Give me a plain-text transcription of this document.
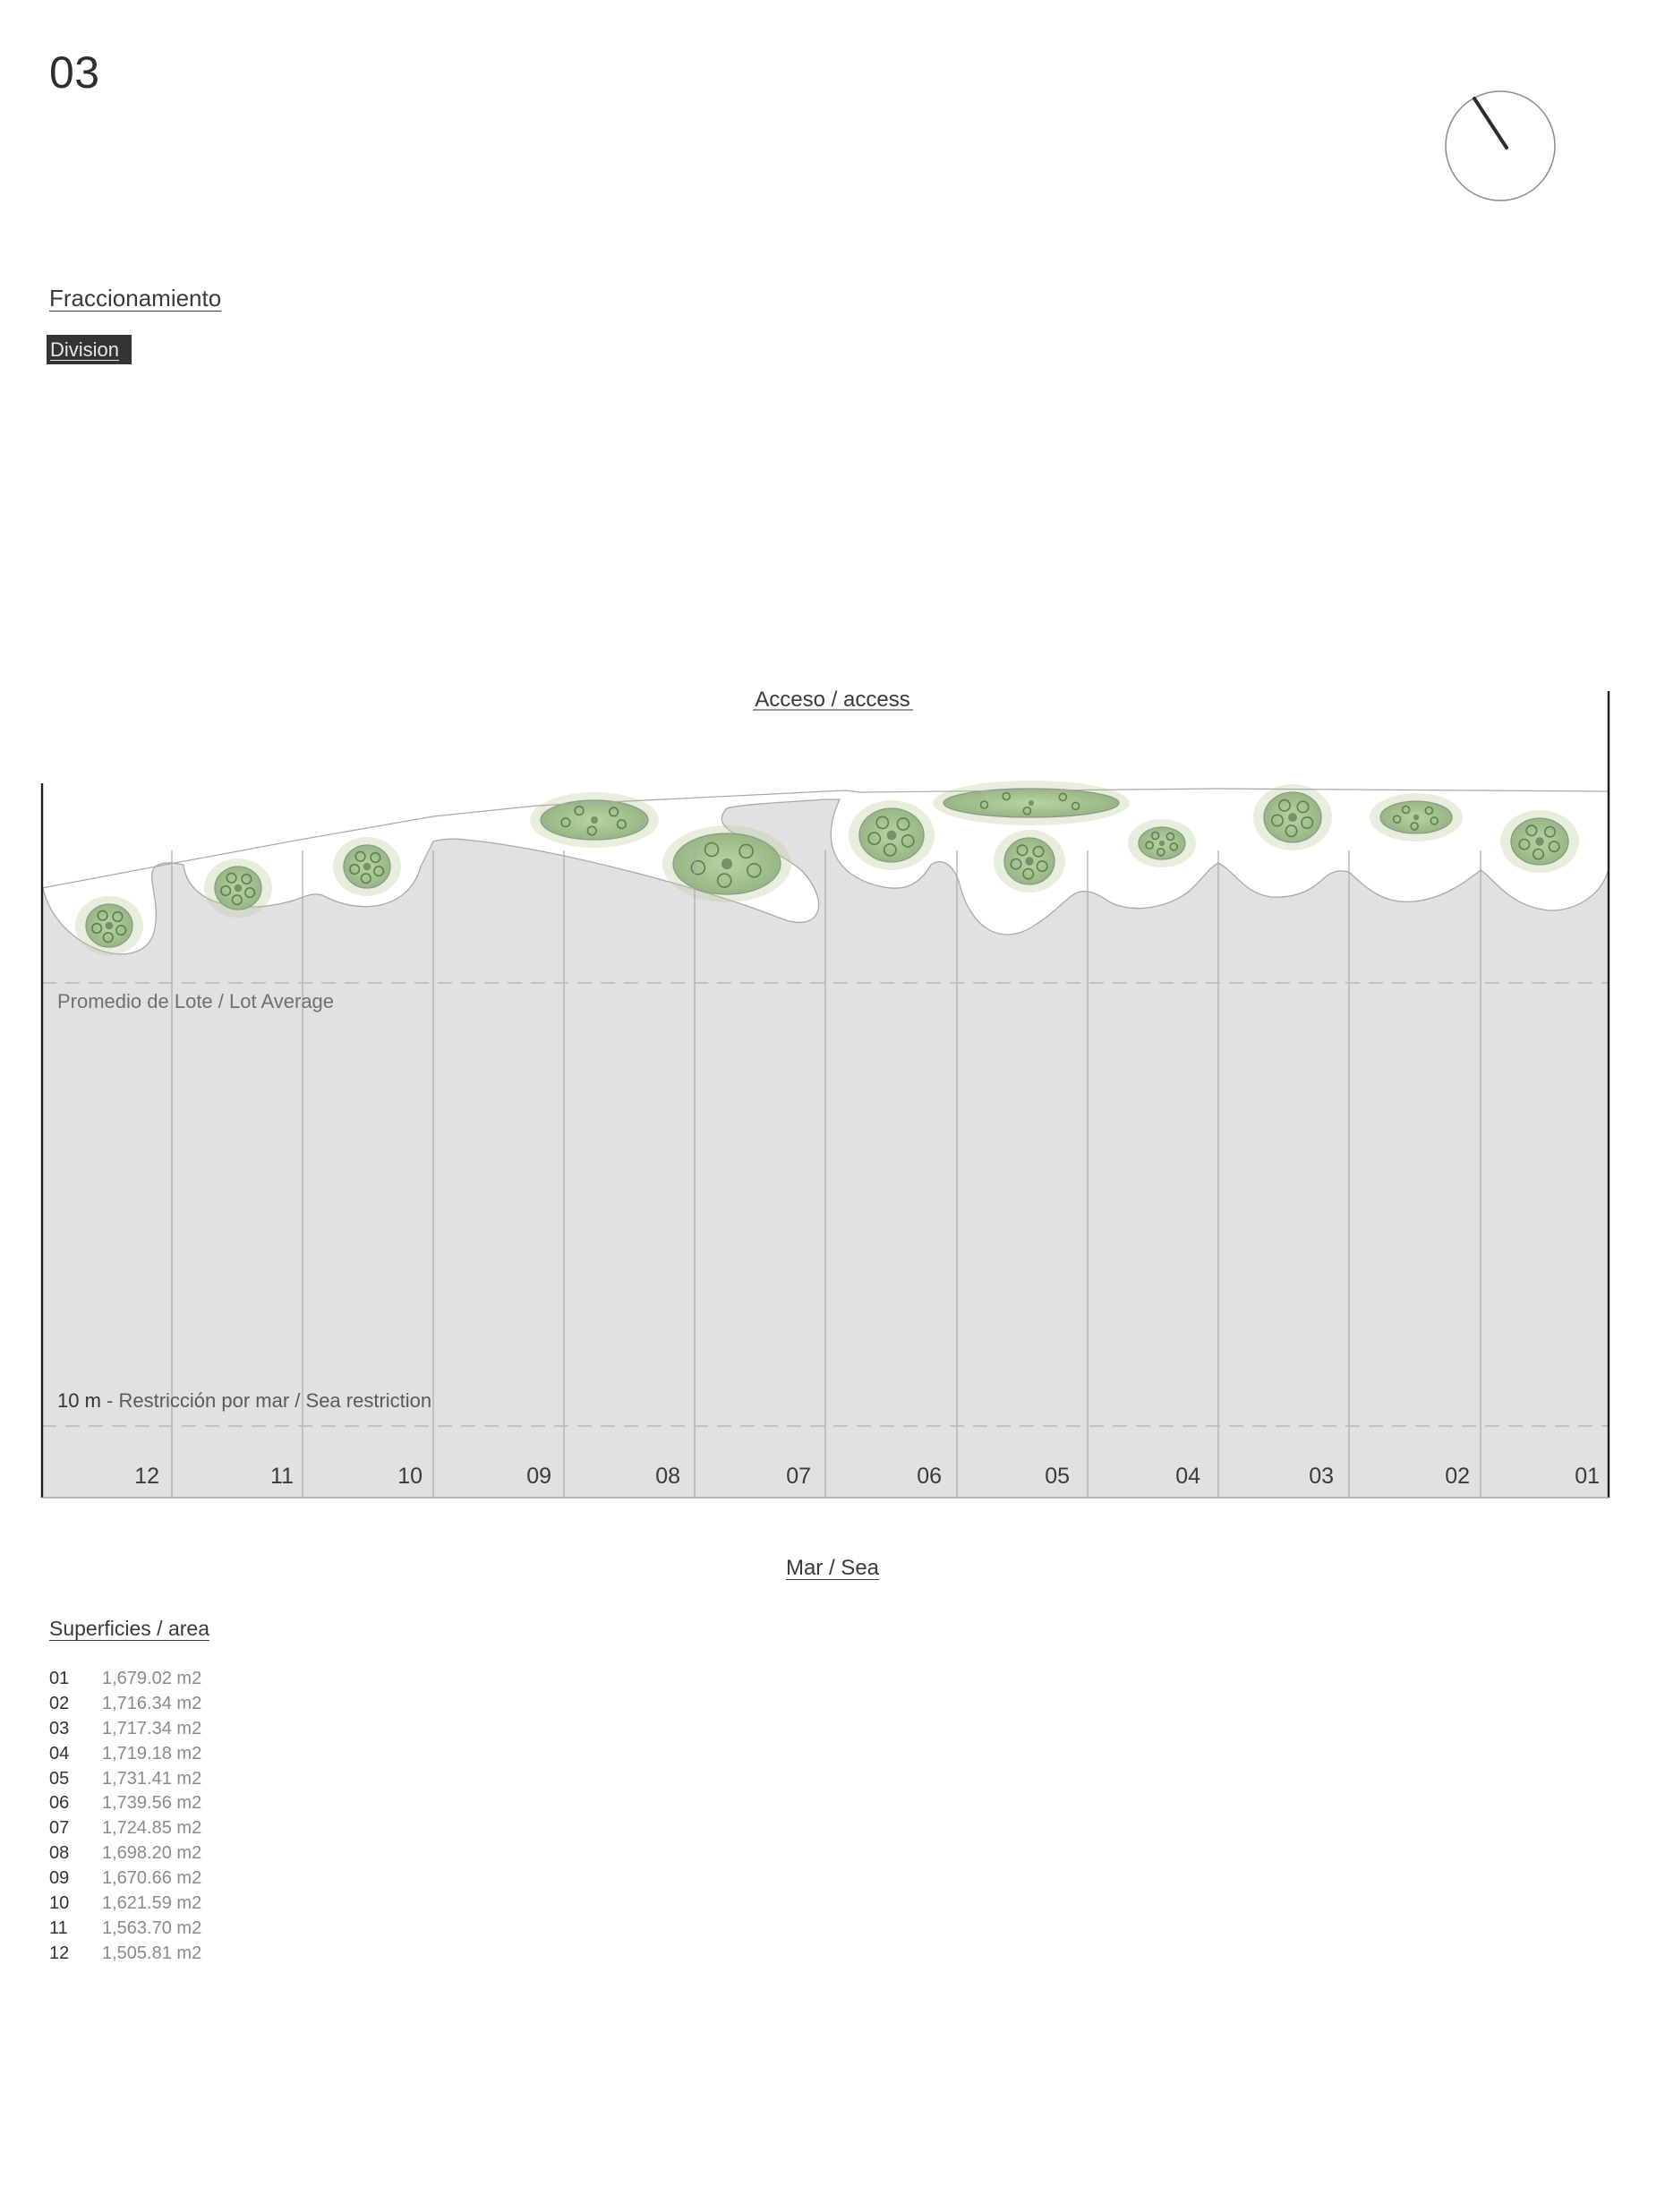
03
Fraccionamiento
Division
Acceso / access
Promedio de Lote / Lot Average
10 m - Restricción por mar / Sea restriction
12	11	10	09	08	07	06	05	04	03	02	01
Mar / Sea
Superficies / area
01 1,679.02 m2
02 1,716.34 m2
03 1,717.34 m2
04 1,719.18 m2
05 1,731.41 m2
06 1,739.56 m2
07 1,724.85 m2
08 1,698.20 m2
09 1,670.66 m2
10 1,621.59 m2
11 1,563.70 m2
12 1,505.81 m2
